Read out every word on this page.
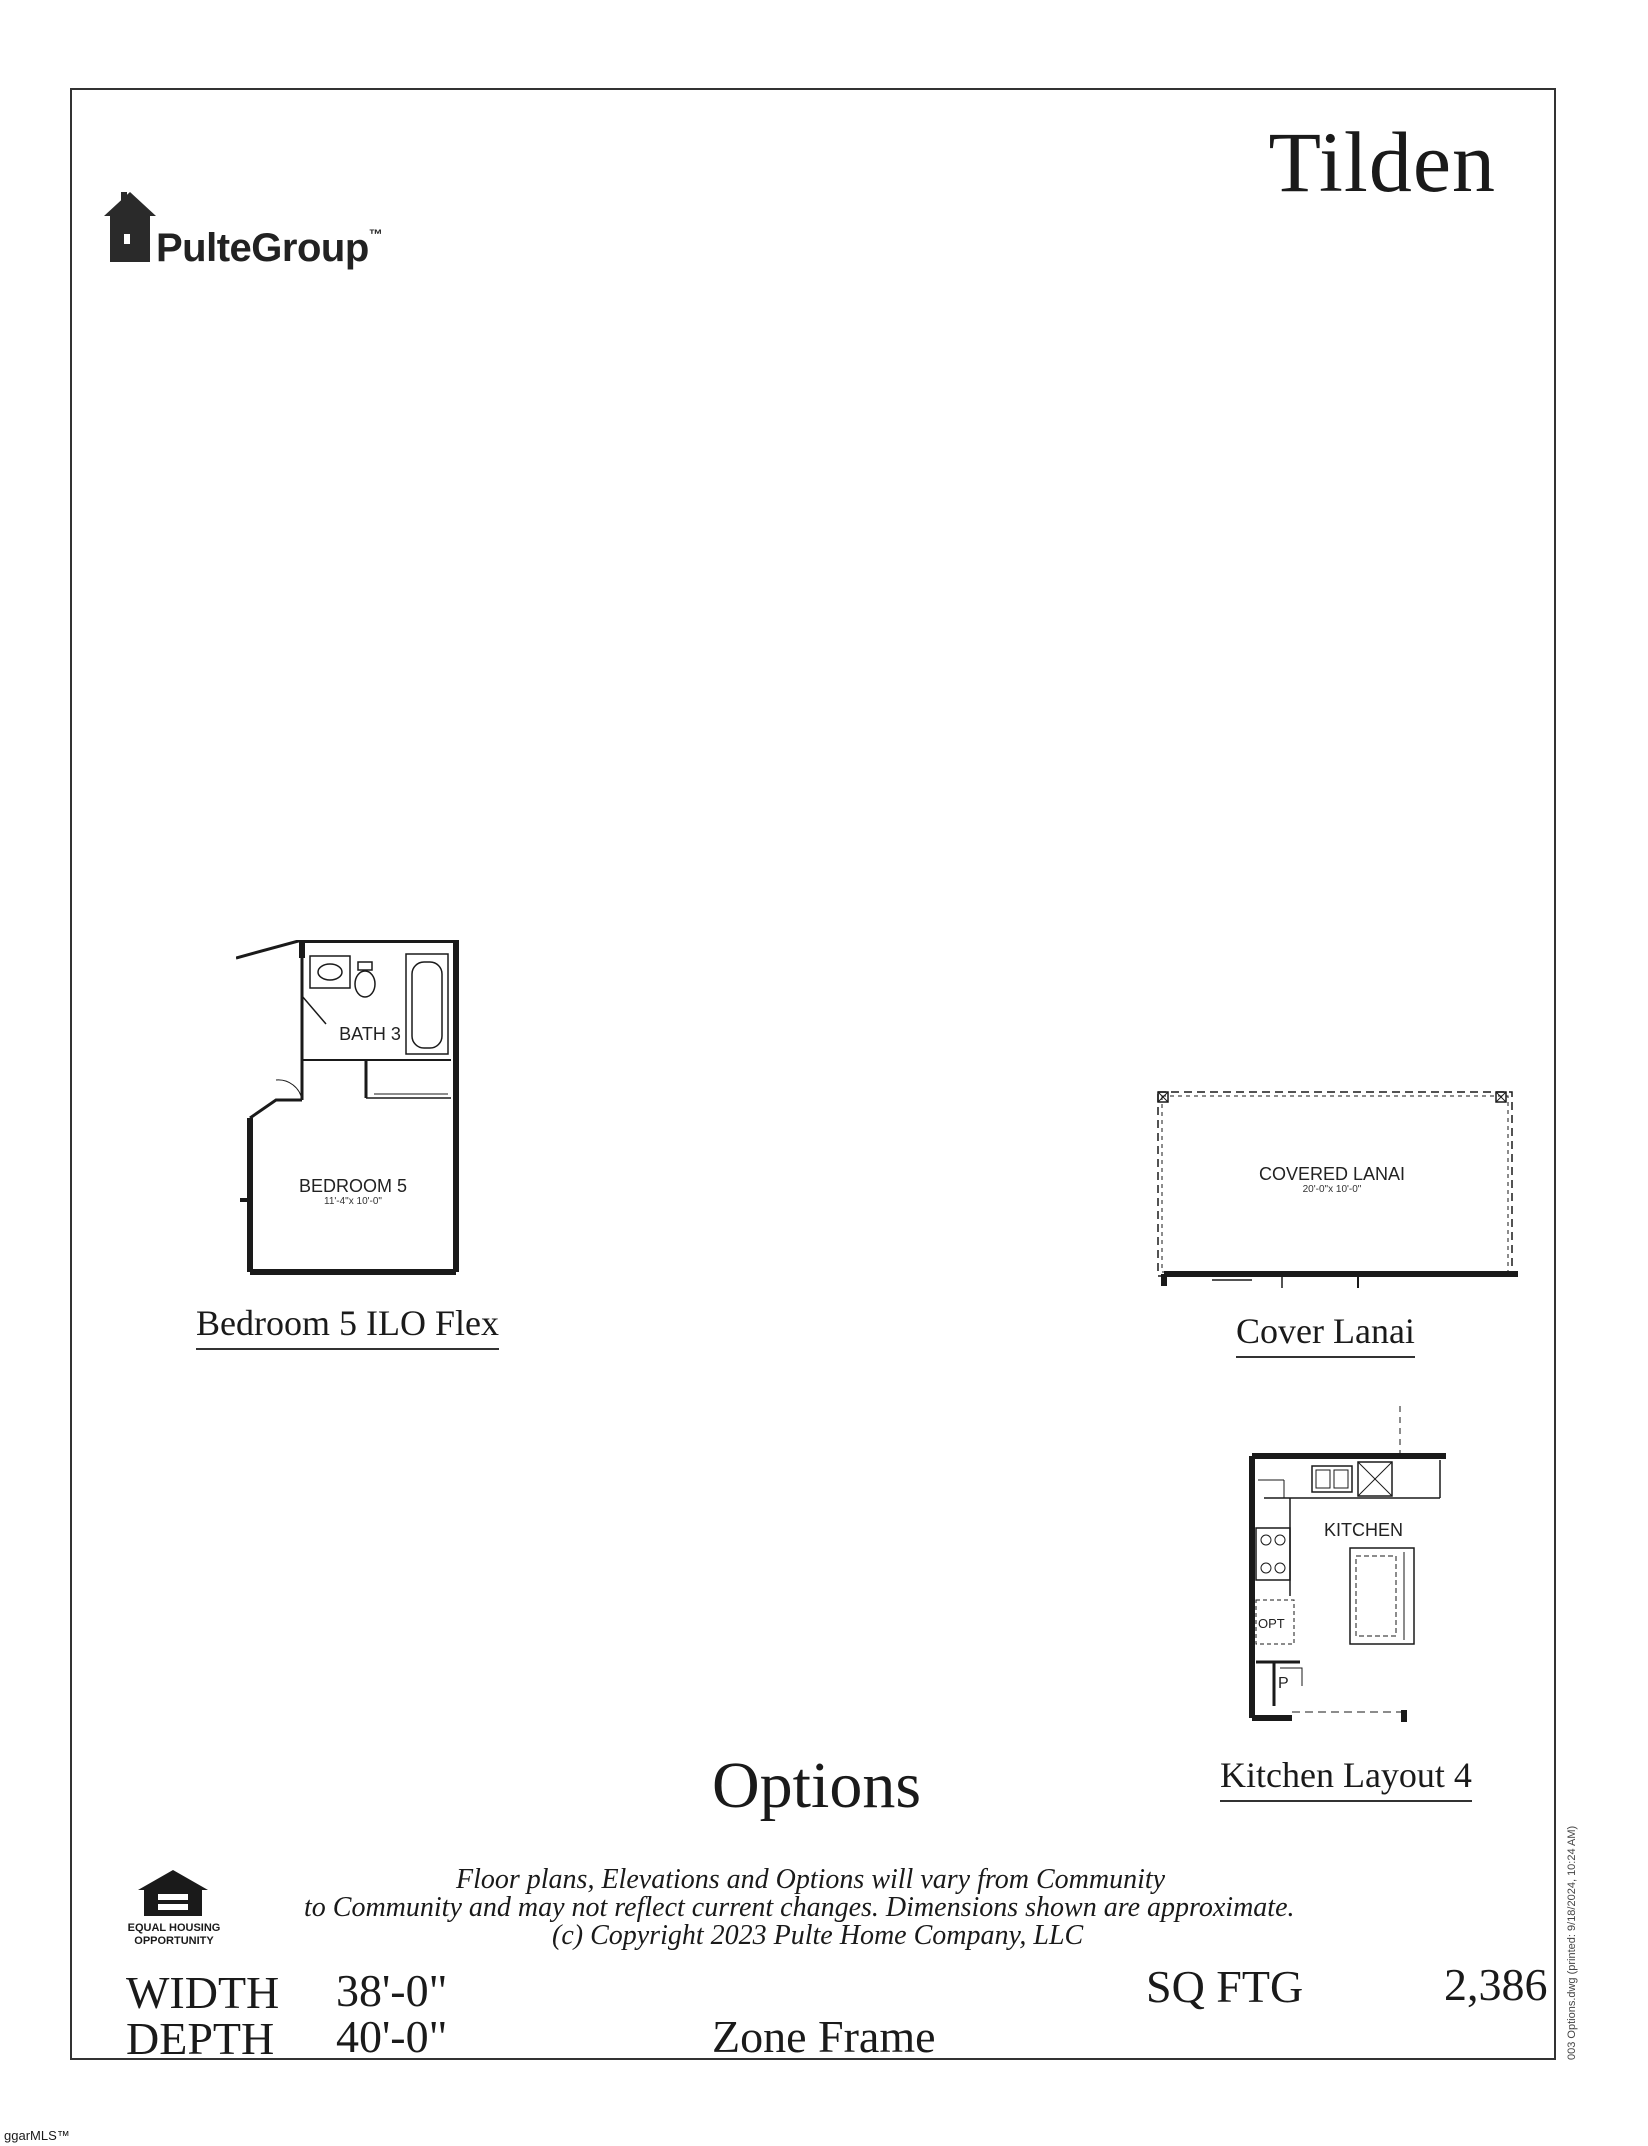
Tilden
PulteGroup™
BATH 3
BEDROOM 5
11'-4"x 10'-0"
Bedroom 5 ILO Flex
COVERED LANAI
20'-0"x 10'-0"
Cover Lanai
KITCHEN
OPT
P
Kitchen Layout 4
Options
Floor plans, Elevations and Options will vary from Community
to Community and may not reflect current changes. Dimensions shown are approximate.
(c) Copyright 2023 Pulte Home Company, LLC
EQUAL HOUSING
OPPORTUNITY
WIDTH 38'-0"
DEPTH 40'-0"
SQ FTG	2,386
Zone Frame	003 Options.dwg (printed: 9/18/2024, 10:24 AM)
ggarMLS™
